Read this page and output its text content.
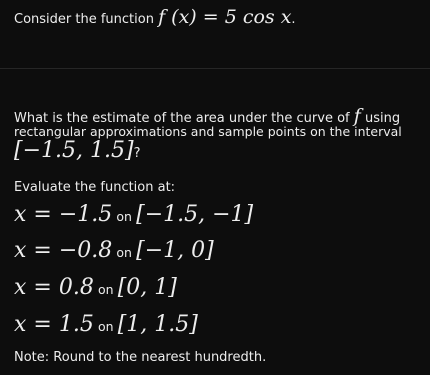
Consider the function f (x) = 5 cos x.
What is the estimate of the area under the curve of f using
rectangular approximations and sample points on the interval
[−1.5, 1.5]?
Evaluate the function at:
x = −1.5 on [−1.5, −1]
x = −0.8 on [−1, 0]
x = 0.8 on [0, 1]
x = 1.5 on [1, 1.5]
Note: Round to the nearest hundredth.
